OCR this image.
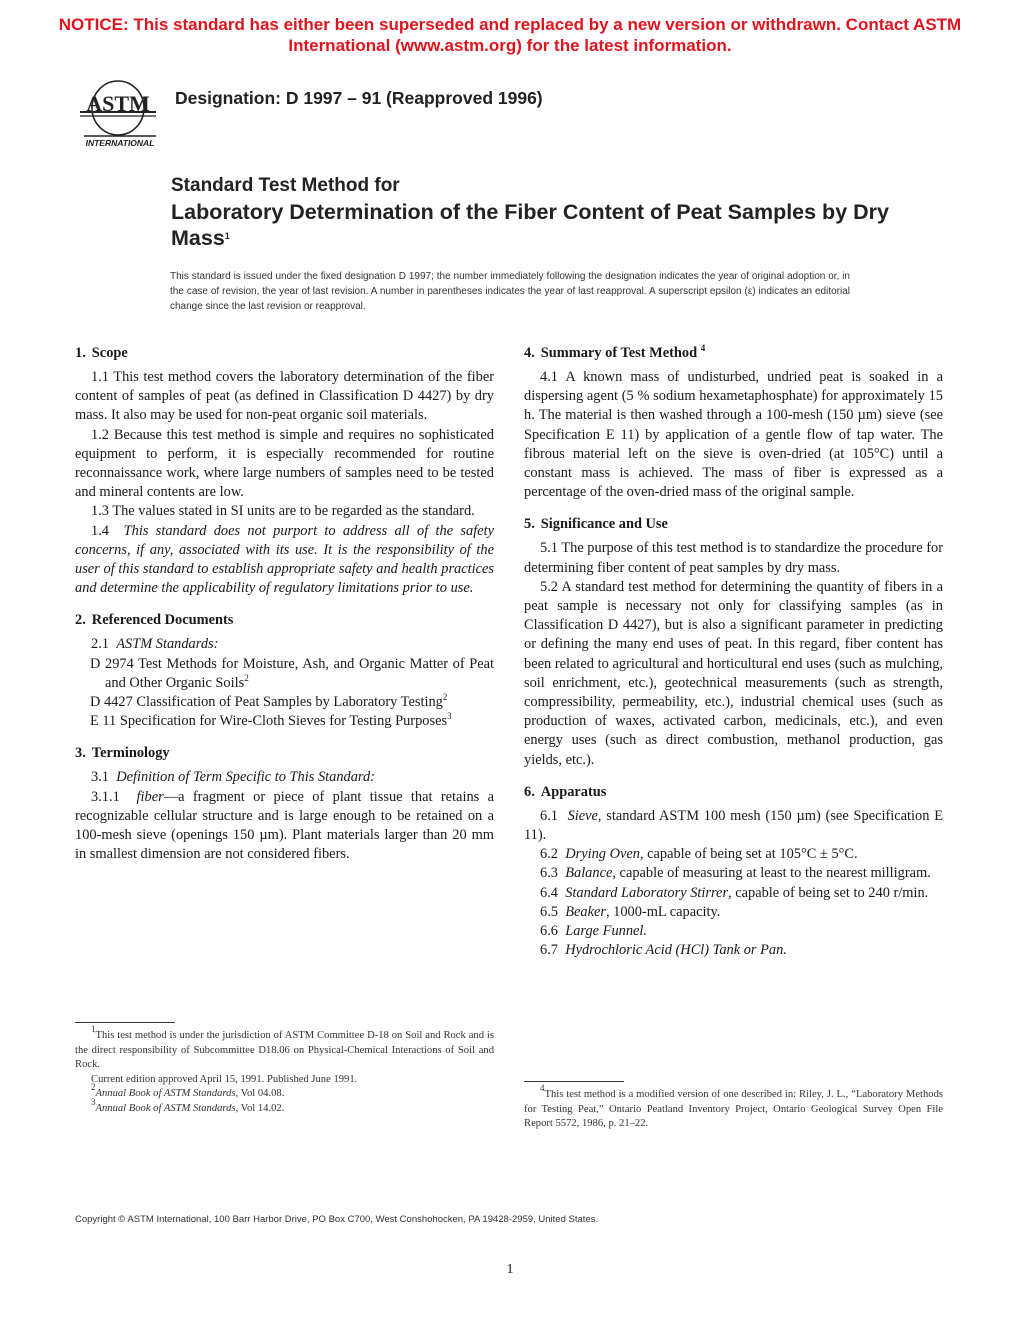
NOTICE: This standard has either been superseded and replaced by a new version or withdrawn. Contact ASTM
International (www.astm.org) for the latest information.
ASTM
INTERNATIONAL
Designation: D 1997 – 91 (Reapproved 1996)
Standard Test Method for
Laboratory Determination of the Fiber Content of Peat Samples by Dry Mass$^1$
This standard is issued under the fixed designation D 1997; the number immediately following the designation indicates the year of original adoption or, in the case of revision, the year of last revision. A number in parentheses indicates the year of last reapproval. A superscript epsilon (ε) indicates an editorial change since the last revision or reapproval.
1. Scope

1.1 This test method covers the laboratory determination of the fiber content of samples of peat (as defined in Classification D 4427) by dry mass. It also may be used for non-peat organic soil materials.

1.2 Because this test method is simple and requires no sophisticated equipment to perform, it is especially recommended for routine reconnaissance work, where large numbers of samples need to be tested and mineral contents are low.

1.3 The values stated in SI units are to be regarded as the standard.

1.4 This standard does not purport to address all of the safety concerns, if any, associated with its use. It is the responsibility of the user of this standard to establish appropriate safety and health practices and determine the applicability of regulatory limitations prior to use.

2. Referenced Documents

2.1 ASTM Standards:

D 2974 Test Methods for Moisture, Ash, and Organic Matter of Peat and Other Organic Soils$^2$

D 4427 Classification of Peat Samples by Laboratory Testing$^2$

E 11 Specification for Wire-Cloth Sieves for Testing Purposes$^3$

3. Terminology

3.1 Definition of Term Specific to This Standard:

3.1.1 fiber—a fragment or piece of plant tissue that retains a recognizable cellular structure and is large enough to be retained on a 100-mesh sieve (openings 150 µm). Plant materials larger than 20 mm in smallest dimension are not considered fibers.

4. Summary of Test Method $^4$

4.1 A known mass of undisturbed, undried peat is soaked in a dispersing agent (5 % sodium hexametaphosphate) for approximately 15 h. The material is then washed through a 100-mesh (150 µm) sieve (see Specification E 11) by application of a gentle flow of tap water. The fibrous material left on the sieve is oven-dried (at 105°C) until a constant mass is achieved. The mass of fiber is expressed as a percentage of the oven-dried mass of the original sample.

5. Significance and Use

5.1 The purpose of this test method is to standardize the procedure for determining fiber content of peat samples by dry mass.

5.2 A standard test method for determining the quantity of fibers in a peat sample is necessary not only for classifying samples (as in Classification D 4427), but is also a significant parameter in predicting or defining the many end uses of peat. In this regard, fiber content has been related to agricultural and horticultural end uses (such as mulching, soil enrichment, etc.), geotechnical measurements (such as strength, compressibility, permeability, etc.), industrial chemical uses (such as production of waxes, activated carbon, medicinals, etc.), and even energy uses (such as direct combustion, methanol production, gas yields, etc.).

6. Apparatus

6.1 Sieve, standard ASTM 100 mesh (150 µm) (see Specification E 11).

6.2 Drying Oven, capable of being set at 105°C ± 5°C.

6.3 Balance, capable of measuring at least to the nearest milligram.

6.4 Standard Laboratory Stirrer, capable of being set to 240 r/min.

6.5 Beaker, 1000-mL capacity.

6.6 Large Funnel.

6.7 Hydrochloric Acid (HCl) Tank or Pan.

$^1$This test method is under the jurisdiction of ASTM Committee D-18 on Soil and Rock and is the direct responsibility of Subcommittee D18.06 on Physical-Chemical Interactions of Soil and Rock.

Current edition approved April 15, 1991. Published June 1991.

$^2$Annual Book of ASTM Standards, Vol 04.08.

$^3$Annual Book of ASTM Standards, Vol 14.02.

$^4$This test method is a modified version of one described in: Riley, J. L., “Laboratory Methods for Testing Peat,” Ontario Peatland Inventory Project, Ontario Geological Survey Open File Report 5572, 1986, p. 21–22.

Copyright © ASTM International, 100 Barr Harbor Drive, PO Box C700, West Conshohocken, PA 19428-2959, United States.
1
